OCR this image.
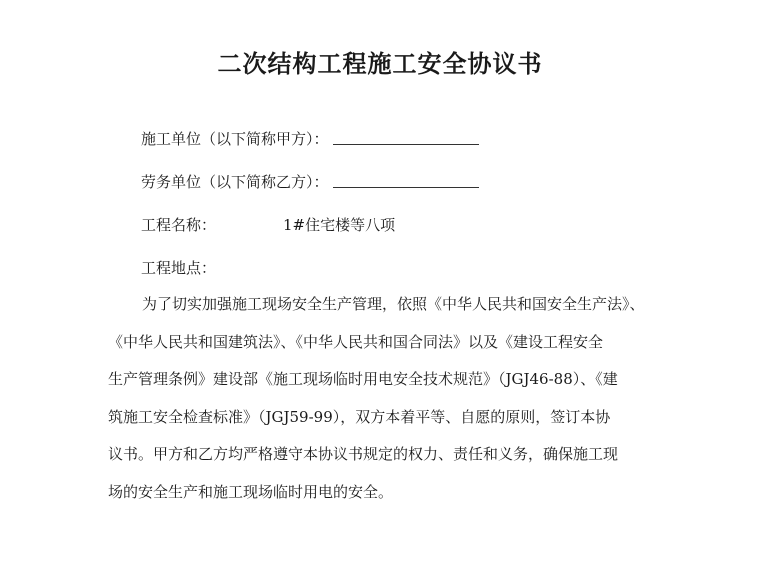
二次结构工程施工安全协议书
施工单位（以下简称甲方）：
劳务单位（以下简称乙方）：
工程名称：	1#住宅楼等八项
工程地点：
为了切实加强施工现场安全生产管理，依照《中华人民共和国安全生产法》、
《中华人民共和国建筑法》、《中华人民共和国合同法》以及《建设工程安全
生产管理条例》建设部《施工现场临时用电安全技术规范》（JGJ46-88）、《建
筑施工安全检查标准》（JGJ59-99），双方本着平等、自愿的原则，签订本协
议书。甲方和乙方均严格遵守本协议书规定的权力、责任和义务，确保施工现
场的安全生产和施工现场临时用电的安全。
